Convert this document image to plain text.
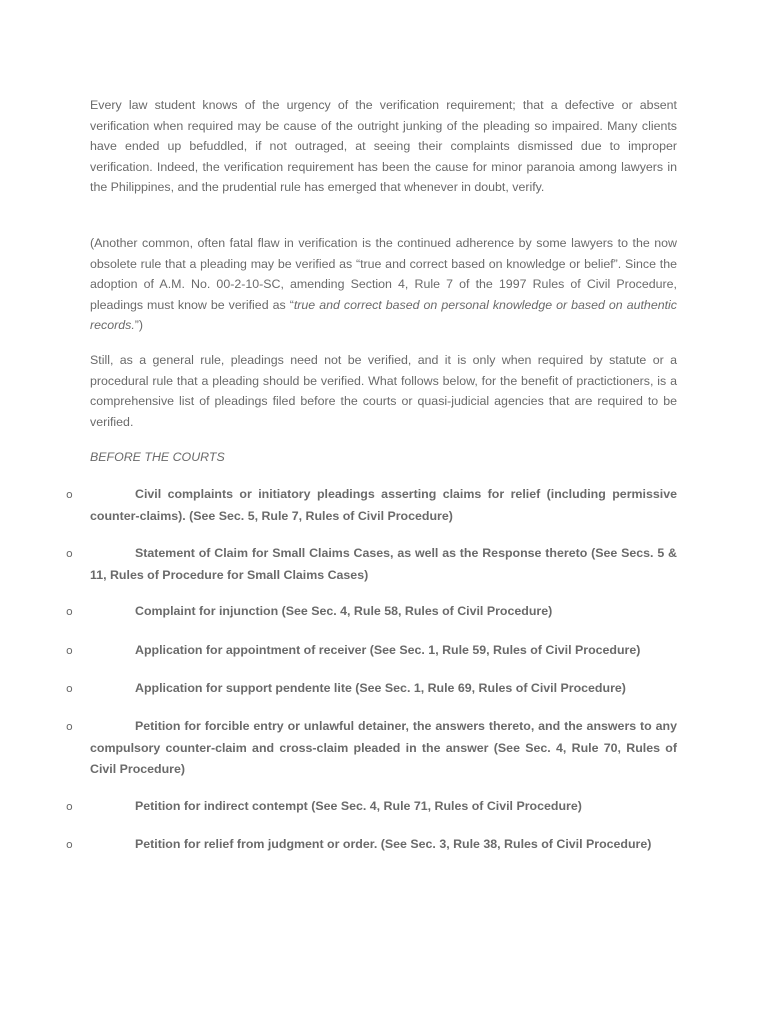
Every law student knows of the urgency of the verification requirement; that a defective or absent verification when required may be cause of the outright junking of the pleading so impaired. Many clients have ended up befuddled, if not outraged, at seeing their complaints dismissed due to improper verification. Indeed, the verification requirement has been the cause for minor paranoia among lawyers in the Philippines, and the prudential rule has emerged that whenever in doubt, verify.

(Another common, often fatal flaw in verification is the continued adherence by some lawyers to the now obsolete rule that a pleading may be verified as “true and correct based on knowledge or belief”. Since the adoption of A.M. No. 00-2-10-SC, amending Section 4, Rule 7 of the 1997 Rules of Civil Procedure, pleadings must know be verified as “true and correct based on personal knowledge or based on authentic records.”)

Still, as a general rule, pleadings need not be verified, and it is only when required by statute or a procedural rule that a pleading should be verified. What follows below, for the benefit of practictioners, is a comprehensive list of pleadings filed before the courts or quasi-judicial agencies that are required to be verified.

BEFORE THE COURTS

o	Civil complaints or initiatory pleadings asserting claims for relief (including permissive counter-claims). (See Sec. 5, Rule 7, Rules of Civil Procedure)

o	Statement of Claim for Small Claims Cases, as well as the Response thereto (See Secs. 5 & 11, Rules of Procedure for Small Claims Cases)

o	Complaint for injunction (See Sec. 4, Rule 58, Rules of Civil Procedure)

o	Application for appointment of receiver (See Sec. 1, Rule 59, Rules of Civil Procedure)

o	Application for support pendente lite (See Sec. 1, Rule 69, Rules of Civil Procedure)

o	Petition for forcible entry or unlawful detainer, the answers thereto, and the answers to any compulsory counter-claim and cross-claim pleaded in the answer (See Sec. 4, Rule 70, Rules of Civil Procedure)

o	Petition for indirect contempt (See Sec. 4, Rule 71, Rules of Civil Procedure)

o	Petition for relief from judgment or order. (See Sec. 3, Rule 38, Rules of Civil Procedure)
